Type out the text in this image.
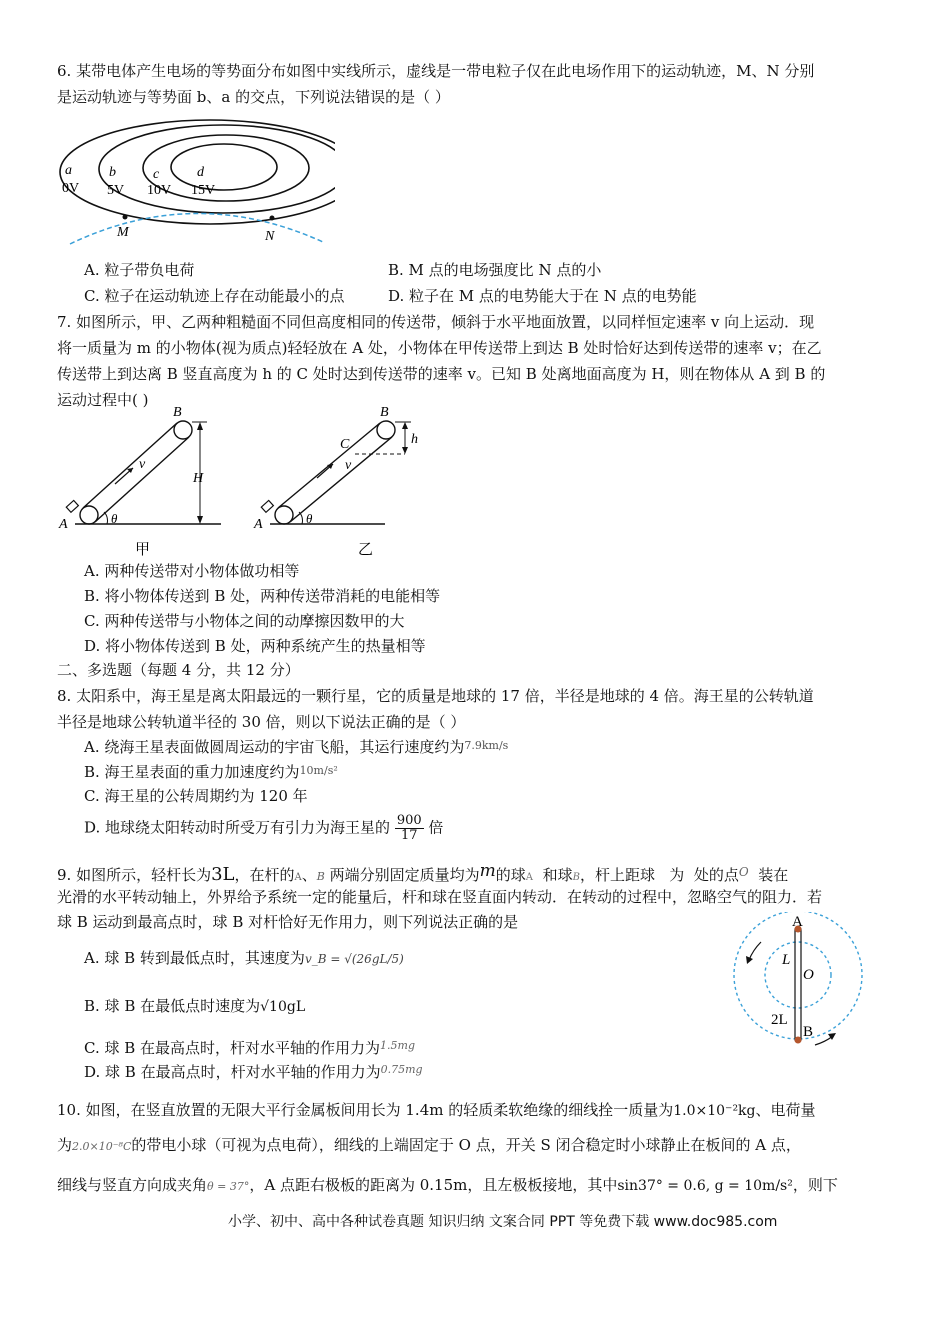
6. 某带电体产生电场的等势面分布如图中实线所示，虚线是一带电粒子仅在此电场作用下的运动轨迹，M、N 分别
是运动轨迹与等势面 b、a 的交点，下列说法错误的是（ ）
a
0V
b
5V
c
10V
d
15V
M	N
A. 粒子带负电荷	B. M 点的电场强度比 N 点的小
C. 粒子在运动轨迹上存在动能最小的点	D. 粒子在 M 点的电势能大于在 N 点的电势能
7. 如图所示，甲、乙两种粗糙面不同但高度相同的传送带，倾斜于水平地面放置，以同样恒定速率 v 向上运动．现
将一质量为 m 的小物体(视为质点)轻轻放在 A 处，小物体在甲传送带上到达 B 处时恰好达到传送带的速率 v；在乙
传送带上到达离 B 竖直高度为 h 的 C 处时达到传送带的速率 v。已知 B 处离地面高度为 H，则在物体从 A 到 B 的
运动过程中( )
A
B
v
H
θ
甲
A
B
C
v
h
θ
乙
A. 两种传送带对小物体做功相等
B. 将小物体传送到 B 处，两种传送带消耗的电能相等
C. 两种传送带与小物体之间的动摩擦因数甲的大
D. 将小物体传送到 B 处，两种系统产生的热量相等
二、多选题（每题 4 分，共 12 分）
8. 太阳系中，海王星是离太阳最远的一颗行星，它的质量是地球的 17 倍，半径是地球的 4 倍。海王星的公转轨道
半径是地球公转轨道半径的 30 倍，则以下说法正确的是（ ）
A. 绕海王星表面做圆周运动的宇宙飞船，其运行速度约为$^{7.9km/s}$
B. 海王星表面的重力加速度约为$^{10m/s^2}$
C. 海王星的公转周期约为 120 年
D. 地球绕太阳转动时所受万有引力为海王星的 $\frac{900}{17}$ 倍
9. 如图所示，轻杆长为3L，在杆的A、B 两端分别固定质量均为m的球A 和球B，杆上距球 为 处的点$^O$ 装在
光滑的水平转动轴上，外界给予系统一定的能量后，杆和球在竖直面内转动．在转动的过程中，忽略空气的阻力．若
球 B 运动到最高点时，球 B 对杆恰好无作用力，则下列说法正确的是
A. 球 B 转到最低点时，其速度为v_B = √(26gL/5)
B. 球 B 在最低点时速度为√10gL
C. 球 B 在最高点时，杆对水平轴的作用力为$^{1.5mg}$
D. 球 B 在最高点时，杆对水平轴的作用力为$^{0.75mg}$
A
O
L
2L
B
10. 如图，在竖直放置的无限大平行金属板间用长为 1.4m 的轻质柔软绝缘的细线拴一质量为1.0×10⁻²kg、电荷量
为2.0×10⁻⁸C的带电小球（可视为点电荷），细线的上端固定于 O 点，开关 S 闭合稳定时小球静止在板间的 A 点，
细线与竖直方向成夹角θ = 37°，A 点距右极板的距离为 0.15m，且左极板接地，其中sin37° = 0.6, g = 10m/s²，则下
小学、初中、高中各种试卷真题 知识归纳 文案合同 PPT 等免费下载 www.doc985.com
